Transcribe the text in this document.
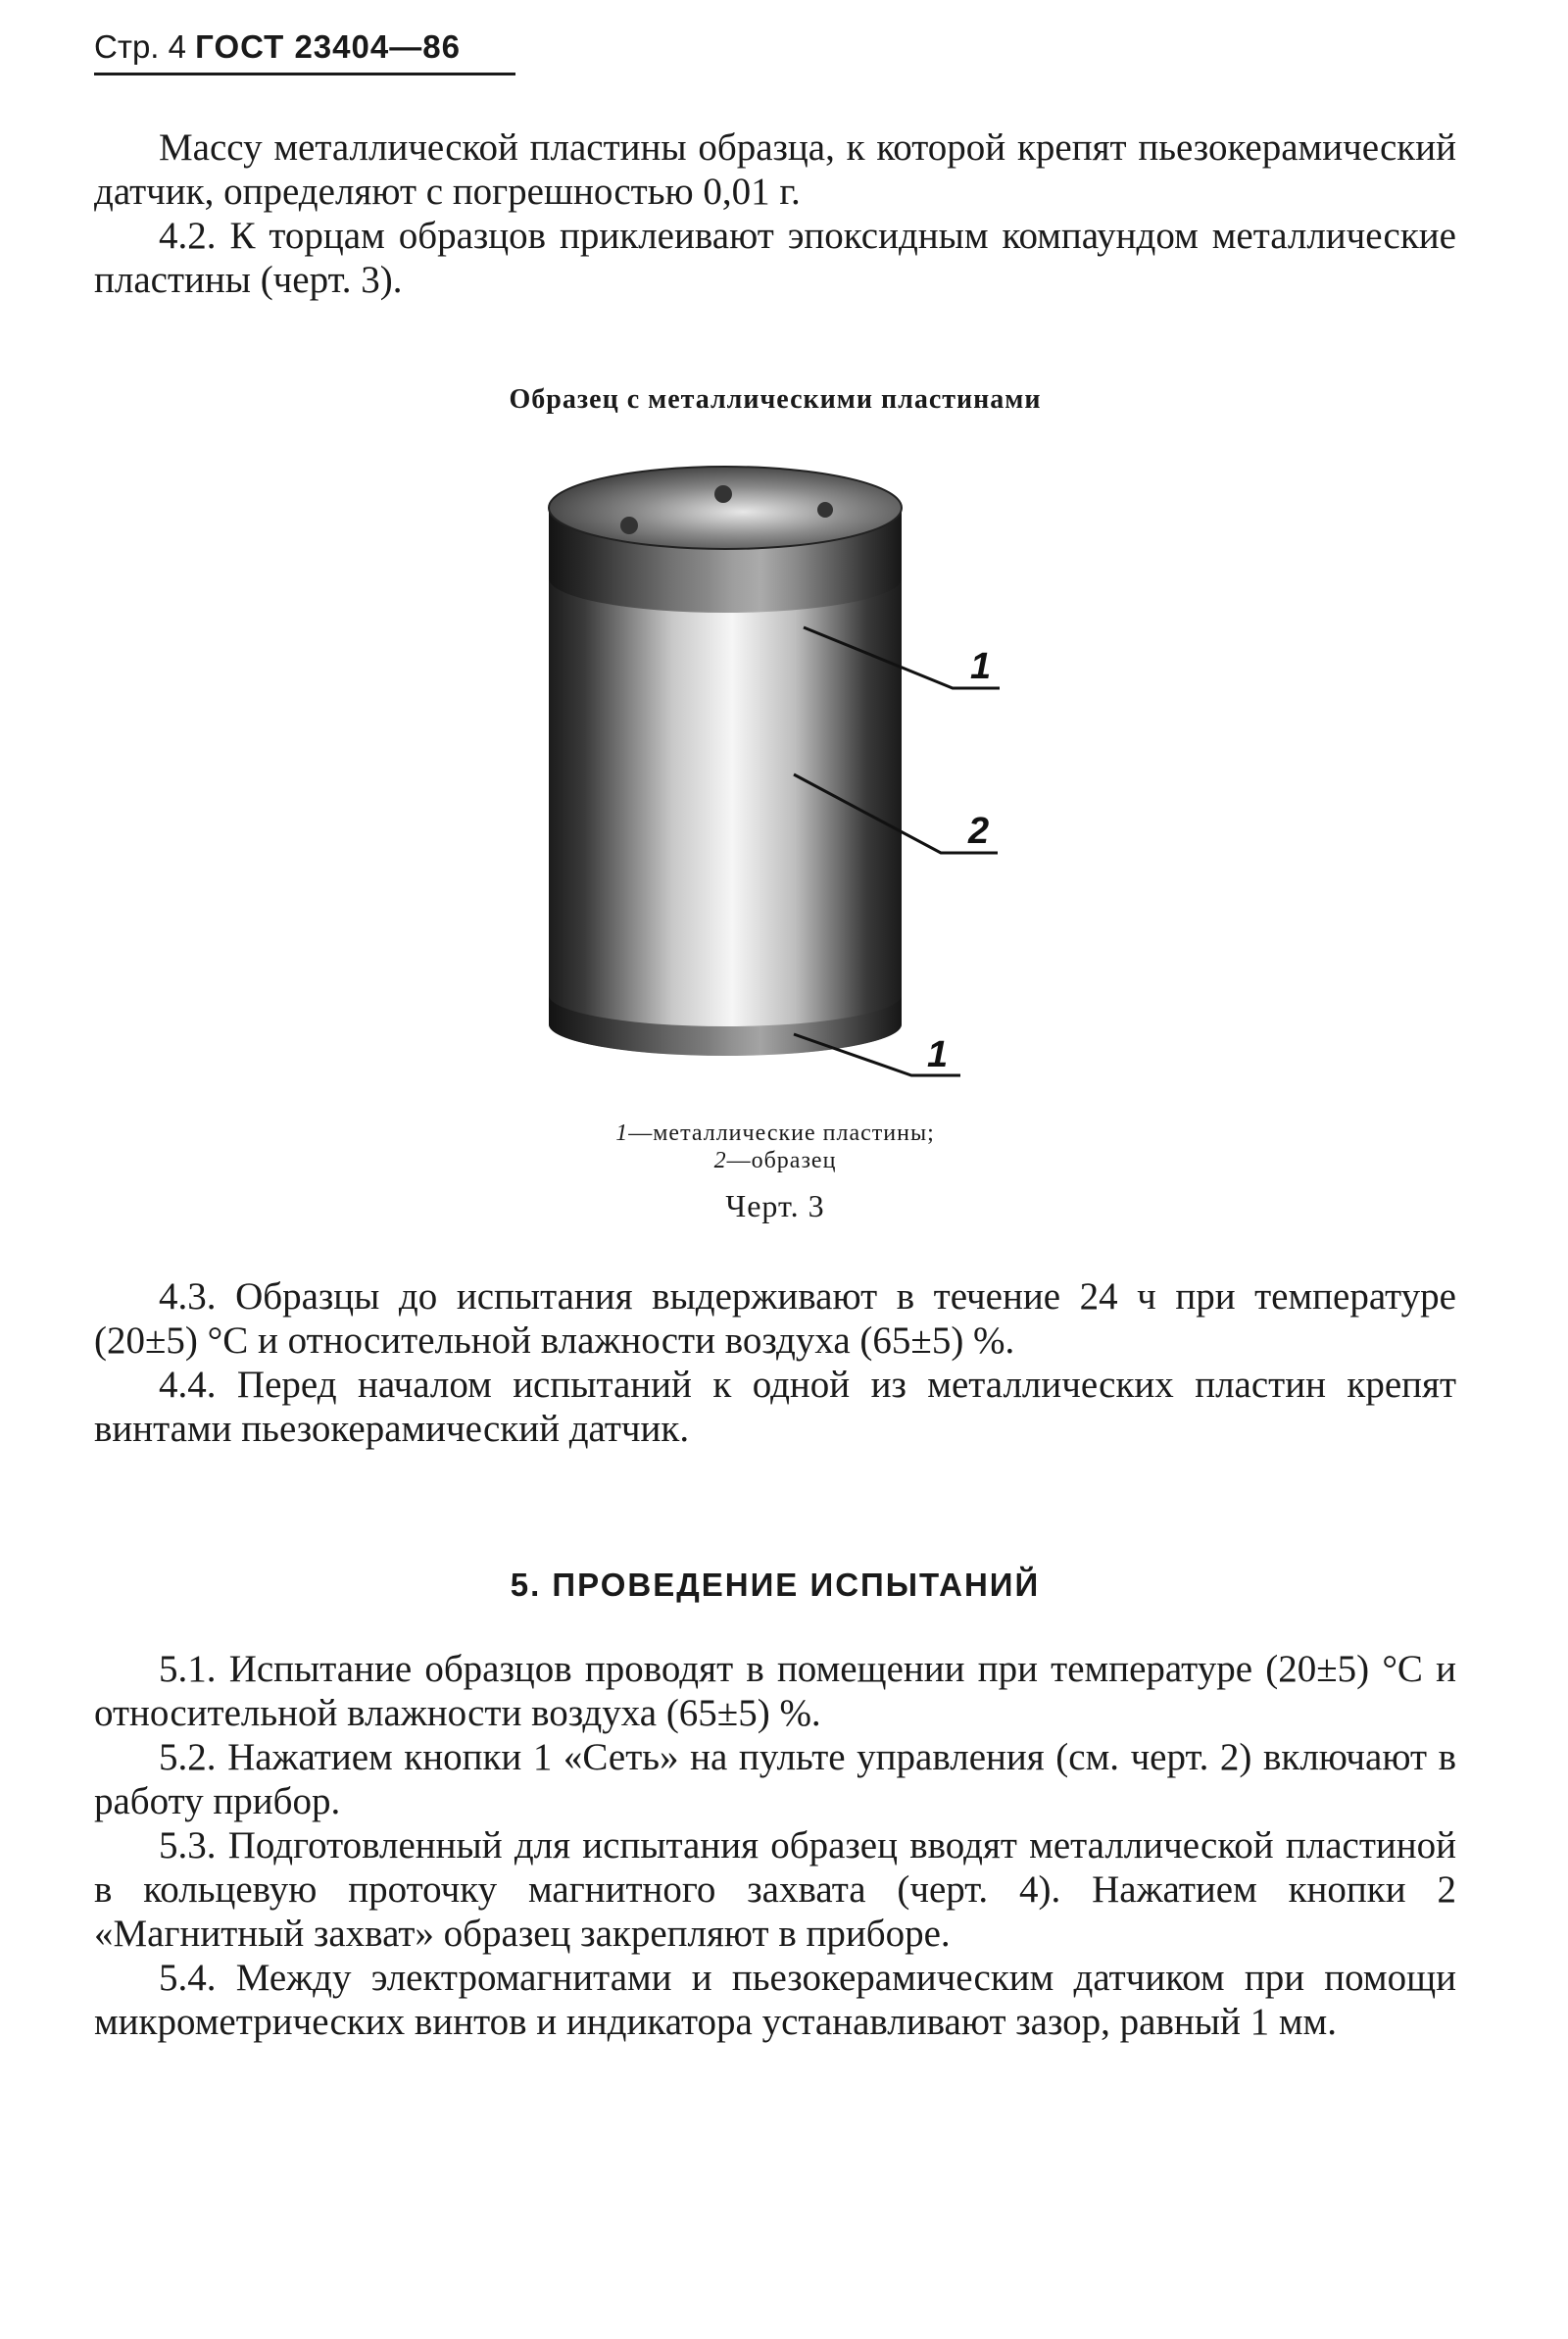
Стр. 4 ГОСТ 23404—86

Массу металлической пластины образца, к которой крепят пьезокерамический датчик, определяют с погрешностью 0,01 г.

4.2. К торцам образцов приклеивают эпоксидным компаундом металлические пластины (черт. 3).

Образец с металлическими пластинами
1
2
1
1—металлические пластины;
2—образец
Черт. 3

4.3. Образцы до испытания выдерживают в течение 24 ч при температуре (20±5) °С и относительной влажности воздуха (65±5) %.

4.4. Перед началом испытаний к одной из металлических пластин крепят винтами пьезокерамический датчик.

5. ПРОВЕДЕНИЕ ИСПЫТАНИЙ

5.1. Испытание образцов проводят в помещении при температуре (20±5) °С и относительной влажности воздуха (65±5) %.

5.2. Нажатием кнопки 1 «Сеть» на пульте управления (см. черт. 2) включают в работу прибор.

5.3. Подготовленный для испытания образец вводят металлической пластиной в кольцевую проточку магнитного захвата (черт. 4). Нажатием кнопки 2 «Магнитный захват» образец закрепляют в приборе.

5.4. Между электромагнитами и пьезокерамическим датчиком при помощи микрометрических винтов и индикатора устанавливают зазор, равный 1 мм.
